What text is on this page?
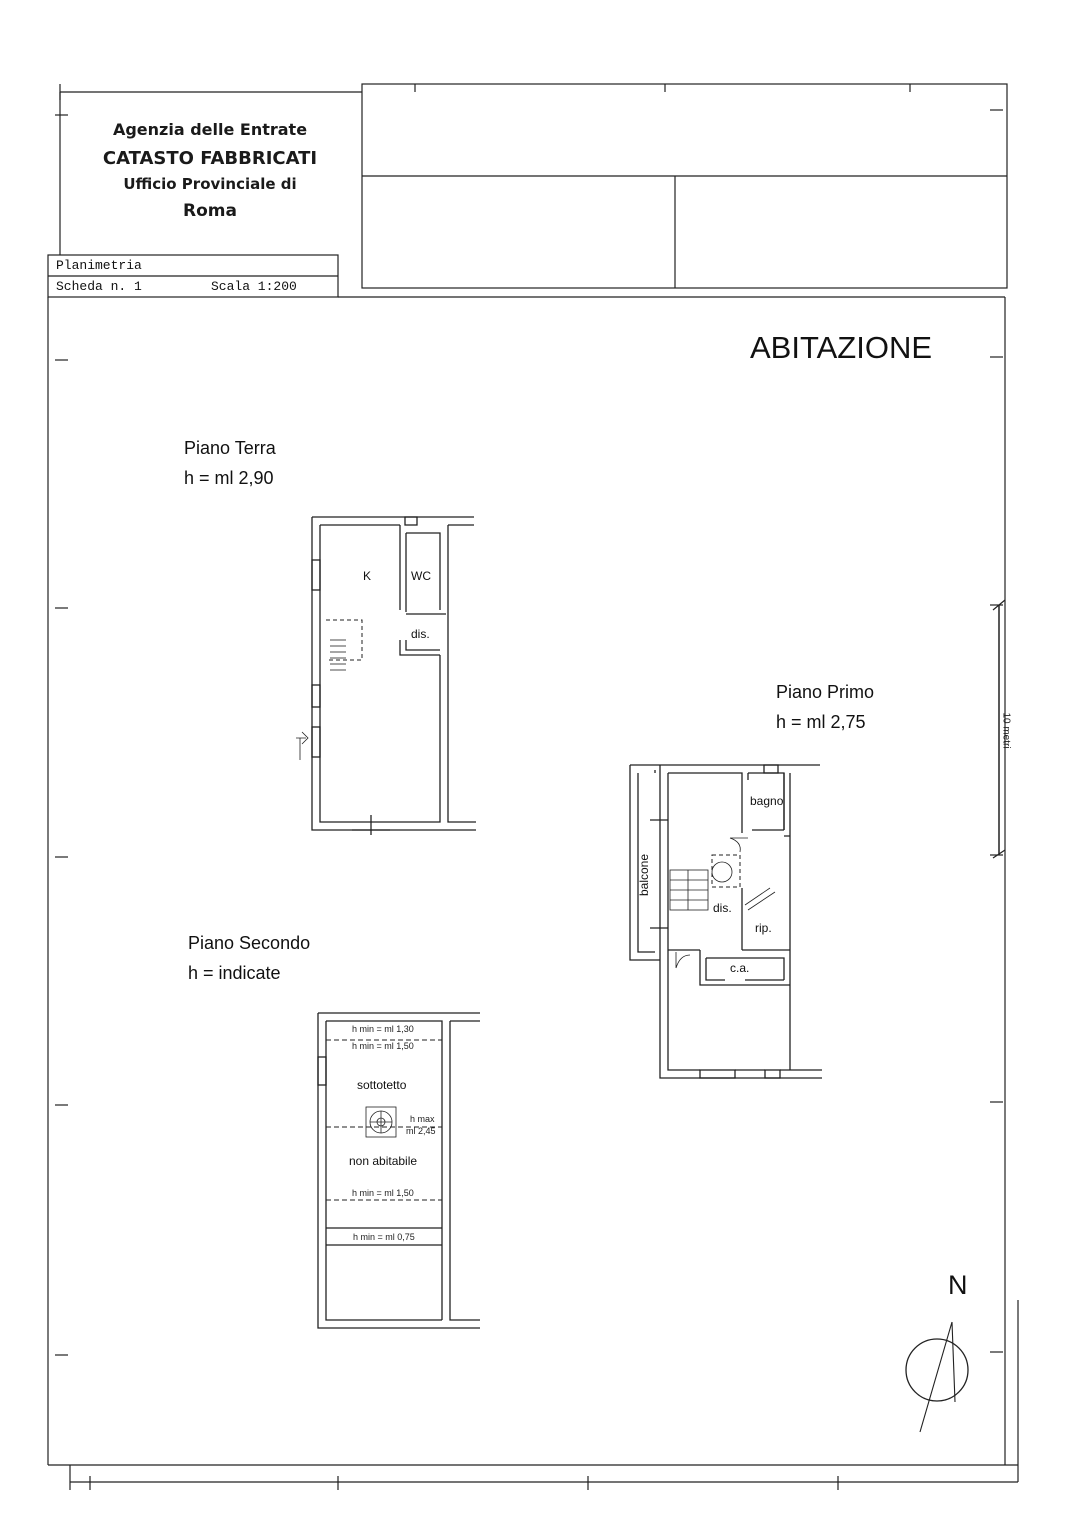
Agenzia delle Entrate
CATASTO FABBRICATI
Ufficio Provinciale di
Roma
Planimetria
Scheda n. 1	Scala 1:200
ABITAZIONE
Piano Terra
h = ml 2,90
K	WC
dis.
Piano Primo
h = ml 2,75
bagno
balcone
dis.
rip.
c.a.
Piano Secondo
h = indicate
h min = ml 1,30
h min = ml 1,50
sottotetto
h max
ml 2,45
non abitabile
h min = ml 1,50
h min = ml 0,75
10 metri
N
